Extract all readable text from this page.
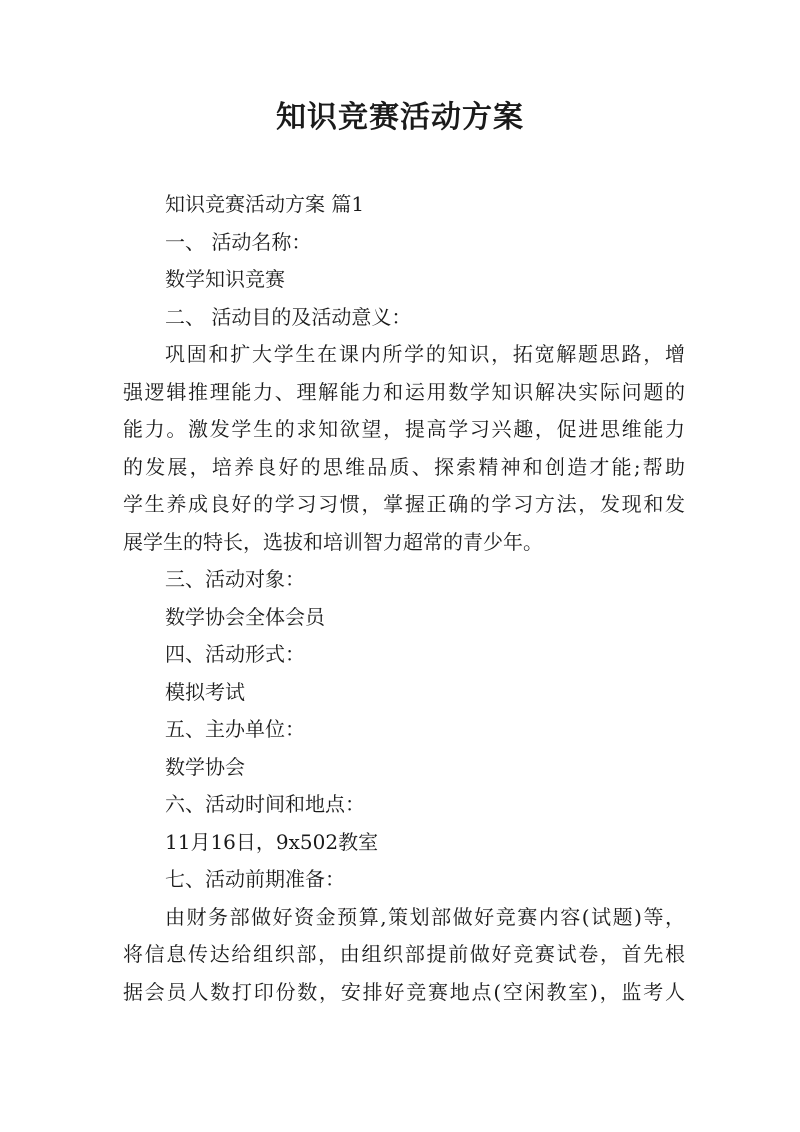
知识竞赛活动方案
知识竞赛活动方案 篇1
一、 活动名称：
数学知识竞赛
二、 活动目的及活动意义：
巩固和扩大学生在课内所学的知识，拓宽解题思路，增
强逻辑推理能力、理解能力和运用数学知识解决实际问题的
能力。激发学生的求知欲望，提高学习兴趣，促进思维能力
的发展，培养良好的思维品质、探索精神和创造才能;帮助
学生养成良好的学习习惯，掌握正确的学习方法，发现和发
展学生的特长，选拔和培训智力超常的青少年。
三、活动对象：
数学协会全体会员
四、活动形式：
模拟考试
五、主办单位：
数学协会
六、活动时间和地点：
11月16日，9x502教室
七、活动前期准备：
由财务部做好资金预算,策划部做好竞赛内容(试题)等，
将信息传达给组织部，由组织部提前做好竞赛试卷，首先根
据会员人数打印份数，安排好竞赛地点(空闲教室)，监考人
